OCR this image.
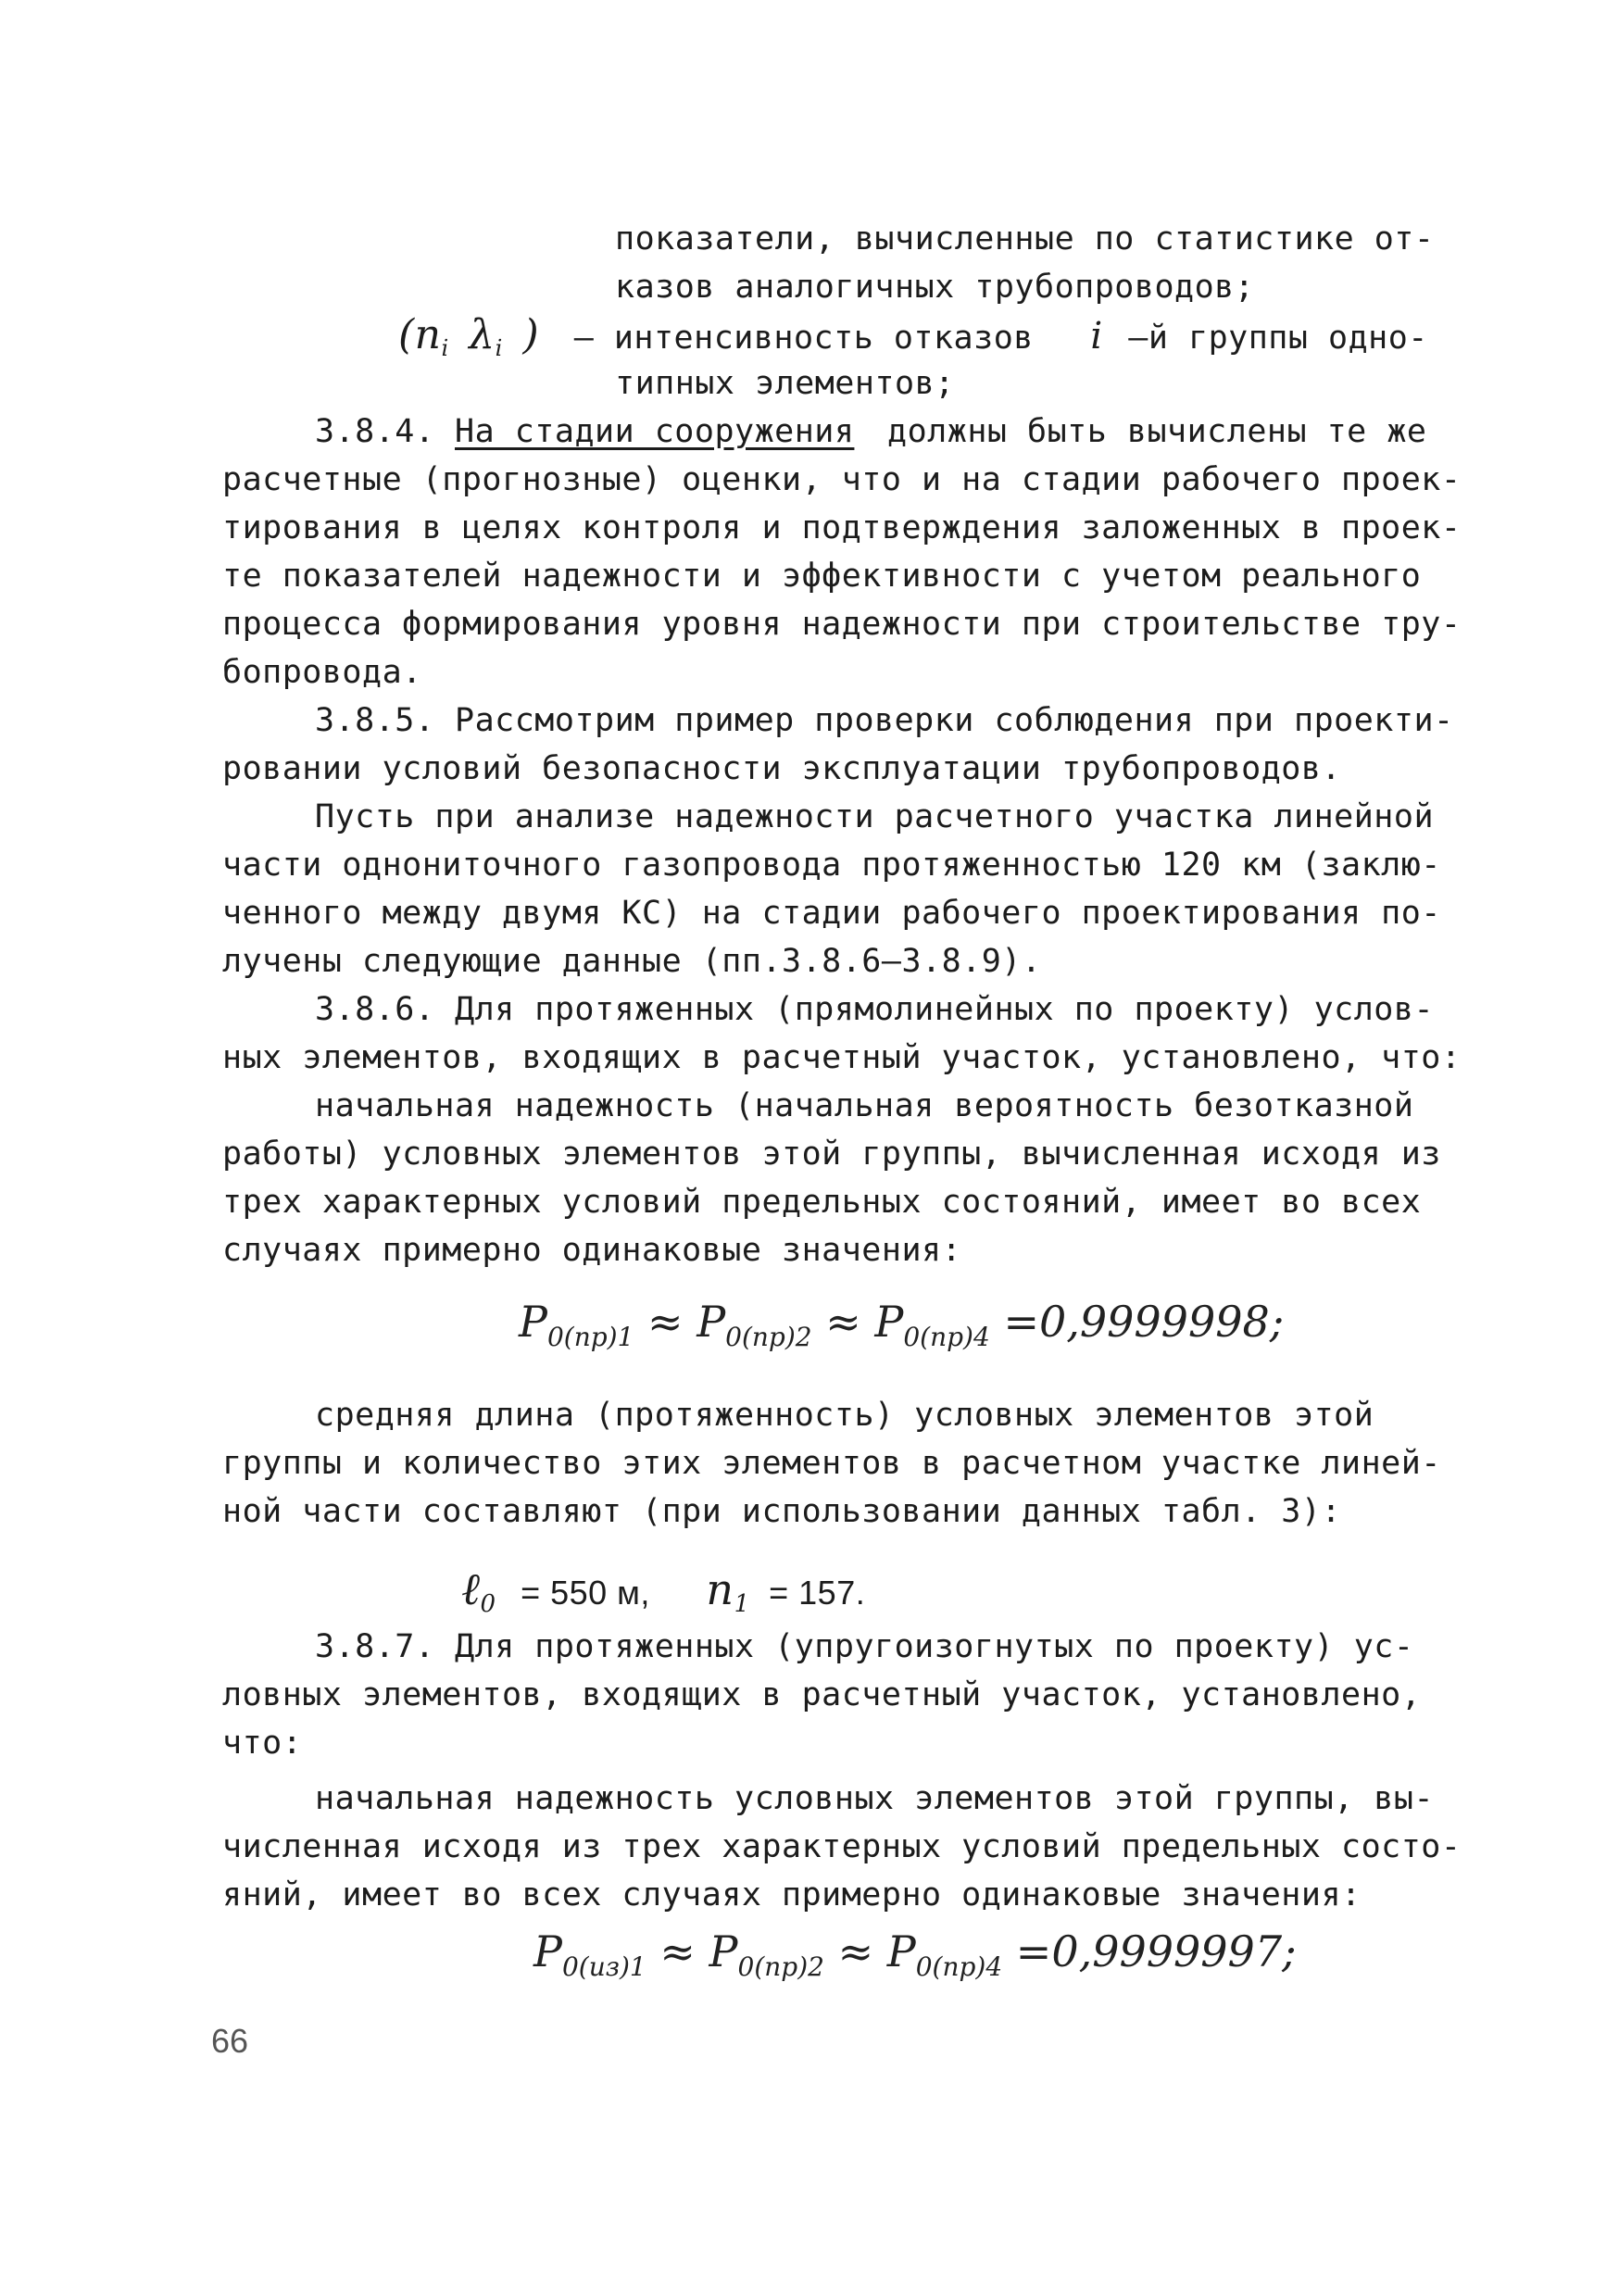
показатели, вычисленные по статистике от-
казов аналогичных трубопроводов;
($n_i$ $\lambda_i$ ) – интенсивность отказов i –й группы одно-
типных элементов;
3.8.4. На стадии сооружения должны быть вычислены те же
расчетные (прогнозные) оценки, что и на стадии рабочего проек-
тирования в целях контроля и подтверждения заложенных в проек-
те показателей надежности и эффективности с учетом реального
процесса формирования уровня надежности при строительстве тру-
бопровода.
3.8.5. Рассмотрим пример проверки соблюдения при проекти-
ровании условий безопасности эксплуатации трубопроводов.
Пусть при анализе надежности расчетного участка линейной
части однониточного газопровода протяженностью 120 км (заклю-
ченного между двумя КС) на стадии рабочего проектирования по-
лучены следующие данные (пп.3.8.6–3.8.9).
3.8.6. Для протяженных (прямолинейных по проекту) услов-
ных элементов, входящих в расчетный участок, установлено, что:
начальная надежность (начальная вероятность безотказной
работы) условных элементов этой группы, вычисленная исходя из
трех характерных условий предельных состояний, имеет во всех
случаях примерно одинаковые значения:
$P_{0(пр)1} \approx P_{0(пр)2} \approx P_{0(пр)4} =0,9999998$;
средняя длина (протяженность) условных элементов этой
группы и количество этих элементов в расчетном участке линей-
ной части составляют (при использовании данных табл. 3):
ℓ$_0$ = 550 м, $n_1 = 157$.
3.8.7. Для протяженных (упругоизогнутых по проекту) ус-
ловных элементов, входящих в расчетный участок, установлено,
что:
начальная надежность условных элементов этой группы, вы-
численная исходя из трех характерных условий предельных состо-
яний, имеет во всех случаях примерно одинаковые значения:
$P_{0(из)1} \approx P_{0(пр)2} \approx P_{0(пр)4} =0,9999997$;
66
